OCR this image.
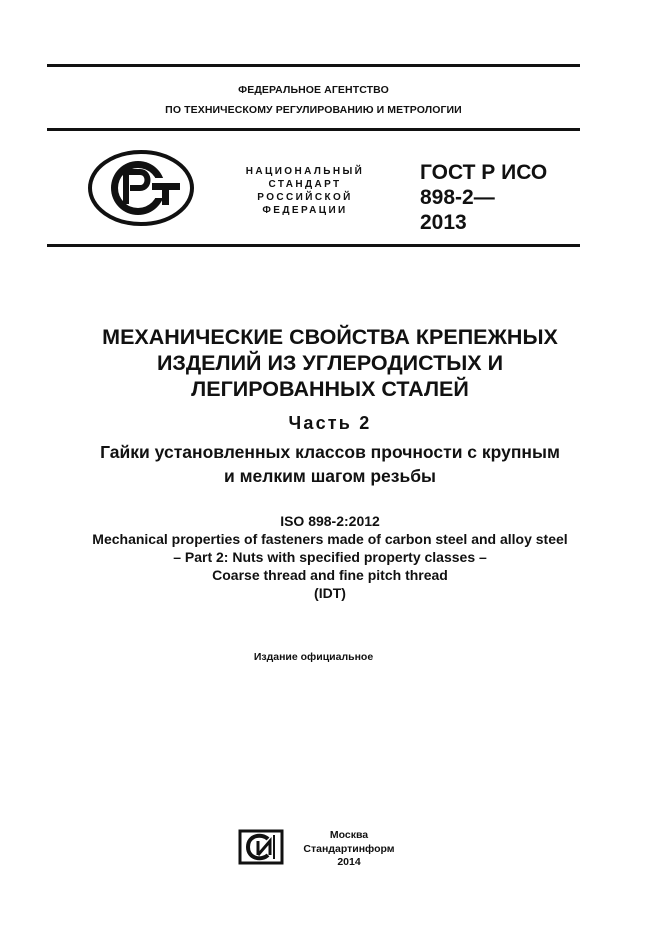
ФЕДЕРАЛЬНОЕ АГЕНТСТВО
ПО ТЕХНИЧЕСКОМУ РЕГУЛИРОВАНИЮ И МЕТРОЛОГИИ
НАЦИОНАЛЬНЫЙ
СТАНДАРТ
РОССИЙСКОЙ
ФЕДЕРАЦИИ
ГОСТ Р ИСО
898-2—
2013
МЕХАНИЧЕСКИЕ СВОЙСТВА КРЕПЕЖНЫХ
ИЗДЕЛИЙ ИЗ УГЛЕРОДИСТЫХ И
ЛЕГИРОВАННЫХ СТАЛЕЙ
Часть 2
Гайки установленных классов прочности с крупным
и мелким шагом резьбы
ISO 898-2:2012
Mechanical properties of fasteners made of carbon steel and alloy steel
– Part 2: Nuts with specified property classes –
Coarse thread and fine pitch thread
(IDT)
Издание официальное
Москва
Стандартинформ
2014
